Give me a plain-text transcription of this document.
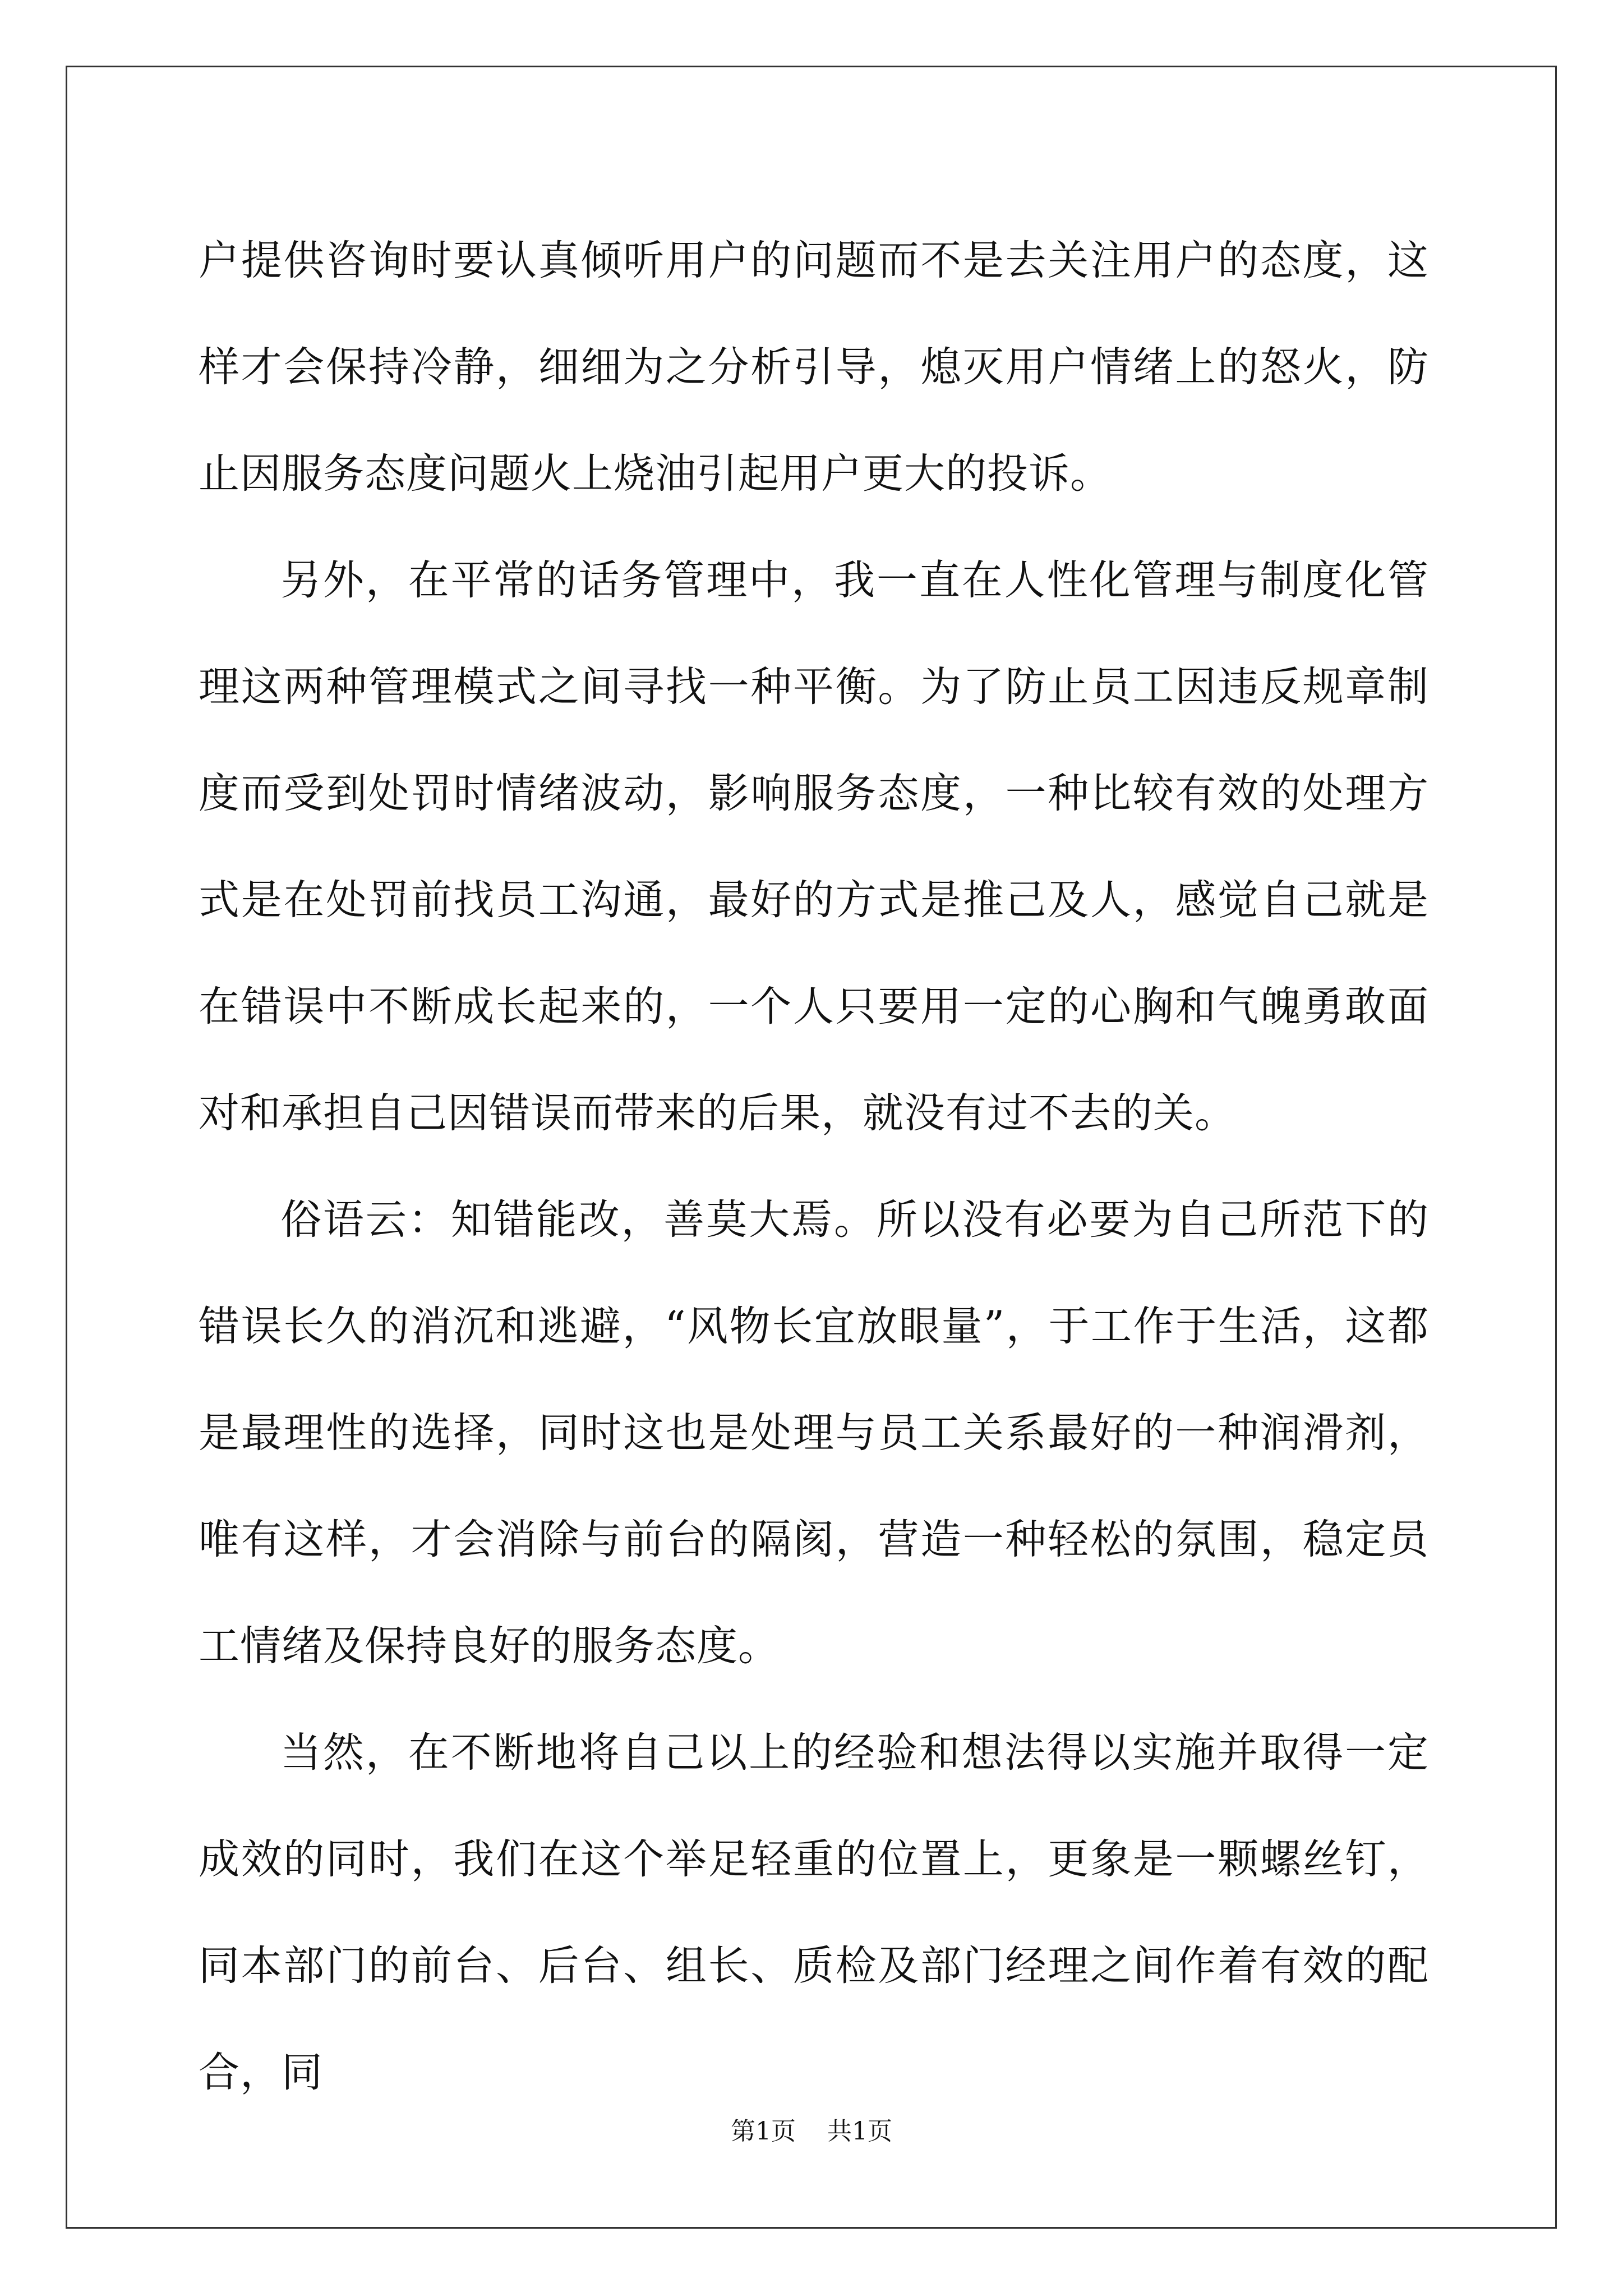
户提供咨询时要认真倾听用户的问题而不是去关注用户的态度，这样才会保持冷静，细细为之分析引导，熄灭用户情绪上的怒火，防止因服务态度问题火上烧油引起用户更大的投诉。

另外，在平常的话务管理中，我一直在人性化管理与制度化管理这两种管理模式之间寻找一种平衡。为了防止员工因违反规章制度而受到处罚时情绪波动，影响服务态度，一种比较有效的处理方式是在处罚前找员工沟通，最好的方式是推己及人，感觉自己就是在错误中不断成长起来的，一个人只要用一定的心胸和气魄勇敢面对和承担自己因错误而带来的后果，就没有过不去的关。

俗语云：知错能改，善莫大焉。所以没有必要为自己所范下的错误长久的消沉和逃避，“风物长宜放眼量”，于工作于生活，这都是最理性的选择，同时这也是处理与员工关系最好的一种润滑剂，唯有这样，才会消除与前台的隔阂，营造一种轻松的氛围，稳定员工情绪及保持良好的服务态度。

当然，在不断地将自己以上的经验和想法得以实施并取得一定成效的同时，我们在这个举足轻重的位置上，更象是一颗螺丝钉，同本部门的前台、后台、组长、质检及部门经理之间作着有效的配合，同

第1页 共1页
